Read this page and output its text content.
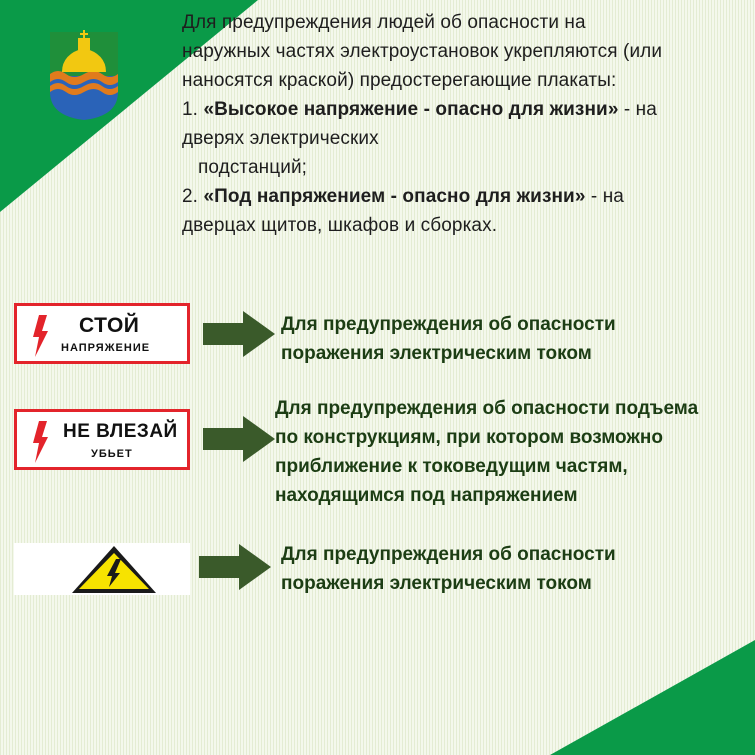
Для предупреждения людей об опасности на

наружных частях электроустановок укрепляются (или

наносятся краской) предостерегающие плакаты:

1. «Высокое напряжение - опасно для жизни» - на

дверях электрических

подстанций;

2. «Под напряжением - опасно для жизни» - на

дверцах щитов, шкафов и сборках.

СТОЙ
НАПРЯЖЕНИЕ

Для предупреждения об опасности

поражения электрическим током

НЕ ВЛЕЗАЙ
УБЬЕТ

Для предупреждения об опасности подъема

по конструкциям, при котором возможно

приближение к токоведущим частям,

находящимся под напряжением

Для предупреждения об опасности

поражения электрическим током
